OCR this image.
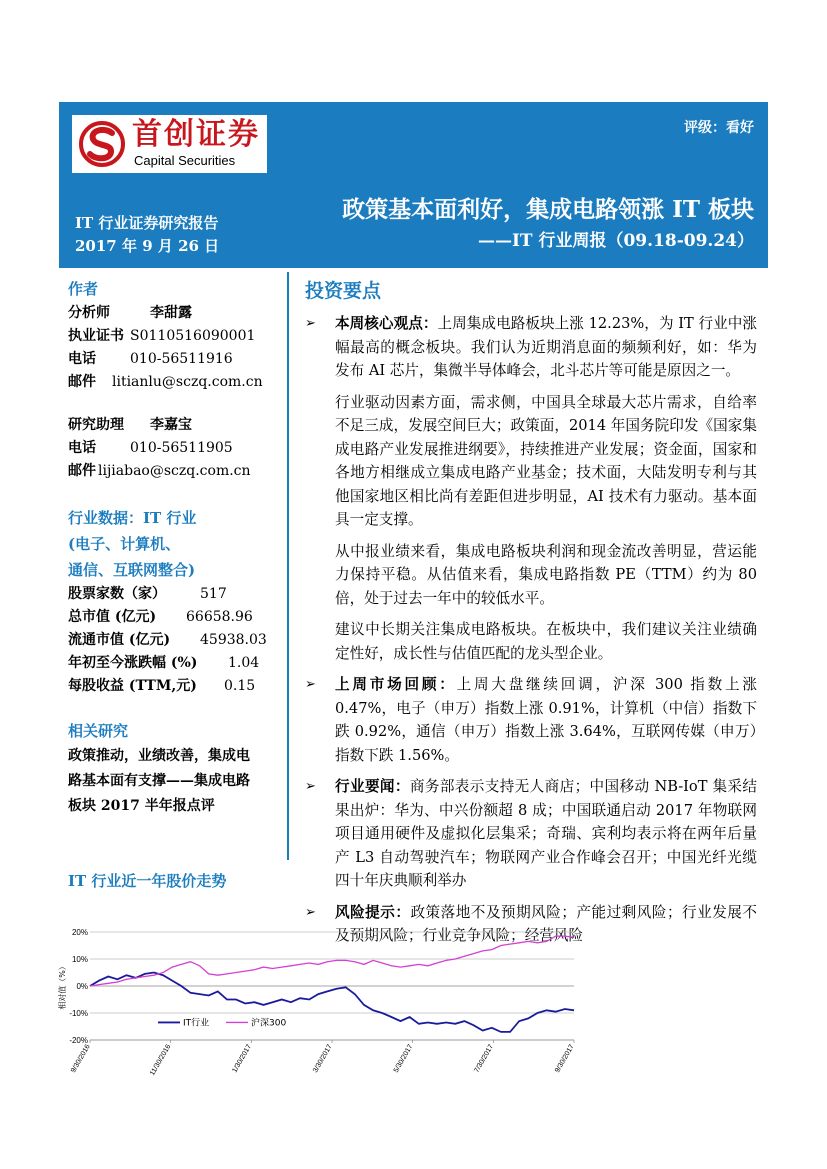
首创证券
Capital Securities
评级：看好
政策基本面利好，集成电路领涨 IT 板块
——IT 行业周报（09.18-09.24）
IT 行业证券研究报告
2017 年 9 月 26 日
作者
分析师	李甜露
执业证书 S0110516090001
电话	010-56511916
邮件	litianlu@sczq.com.cn
研究助理	李嘉宝
电话	010-56511905
邮件 lijiabao@sczq.com.cn
行业数据：IT 行业
(电子、计算机、
通信、互联网整合)
股票家数（家）	517
总市值 (亿元)	66658.96
流通市值 (亿元)	45938.03
年初至今涨跌幅 (%)	1.04
每股收益 (TTM,元)	0.15
相关研究
政策推动，业绩改善，集成电
路基本面有支撑——集成电路
板块 2017 半年报点评
投资要点
➢ 本周核心观点：上周集成电路板块上涨 12.23%，为 IT 行业中涨幅最高的概念板块。我们认为近期消息面的频频利好，如：华为发布 AI 芯片，集微半导体峰会，北斗芯片等可能是原因之一。
行业驱动因素方面，需求侧，中国具全球最大芯片需求，自给率不足三成，发展空间巨大；政策面，2014 年国务院印发《国家集成电路产业发展推进纲要》，持续推进产业发展；资金面，国家和各地方相继成立集成电路产业基金；技术面，大陆发明专利与其他国家地区相比尚有差距但进步明显，AI 技术有力驱动。基本面具一定支撑。
从中报业绩来看，集成电路板块利润和现金流改善明显，营运能力保持平稳。从估值来看，集成电路指数 PE（TTM）约为 80 倍，处于过去一年中的较低水平。
建议中长期关注集成电路板块。在板块中，我们建议关注业绩确定性好，成长性与估值匹配的龙头型企业。
➢ 上周市场回顾：上周大盘继续回调，沪深 300 指数上涨 0.47%，电子（申万）指数上涨 0.91%，计算机（中信）指数下跌 0.92%，通信（申万）指数上涨 3.64%，互联网传媒（申万）指数下跌 1.56%。
➢ 行业要闻：商务部表示支持无人商店；中国移动 NB-IoT 集采结果出炉：华为、中兴份额超 8 成；中国联通启动 2017 年物联网项目通用硬件及虚拟化层集采；奇瑞、宾利均表示将在两年后量产 L3 自动驾驶汽车；物联网产业合作峰会召开；中国光纤光缆四十年庆典顺利举办
➢ 风险提示：政策落地不及预期风险；产能过剩风险；行业发展不及预期风险；行业竞争风险；经营风险
IT 行业近一年股价走势
20%
10%
0%
-10%
-20%
相对值（%）
9/30/2016	11/30/2016	1/30/2017	3/30/2017	5/30/2017	7/30/2017	9/30/2017
IT行业	沪深300
